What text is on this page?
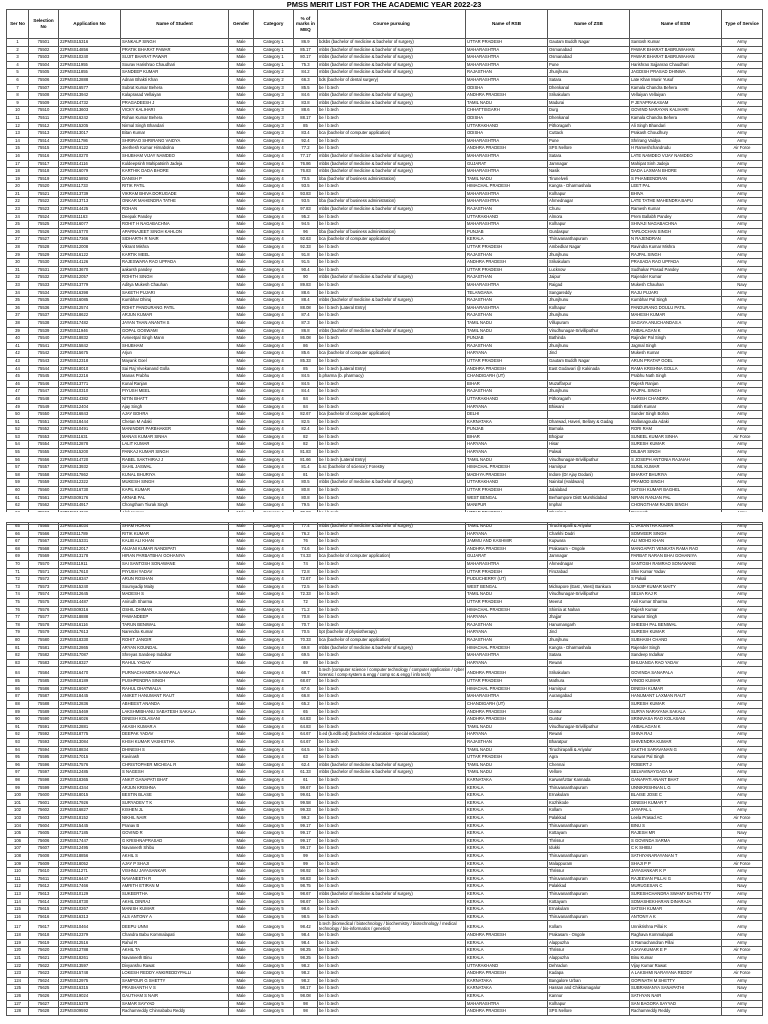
PMSS MERIT LIST FOR THE ACADEMIC YEAR 2022-23
Ser No	Selection No	Application No	Name of Student	Gender	Category	% of marks in MEQ	Course pursuing	Name of RSB	Name of ZSB	Name of ESM	Type of Service
1	75501	22PMSS15316	SANKALP SINGH	Male	Category 1	86.9	bdsbs (bachelor of medicine & bachelor of surgery)	UTTAR PRADESH	Gautam Buddh Nagar	Santosh Kumar	Army
2	75502	22PMSS14856	PRATIK BHARAT PAWAR	Male	Category 1	85.17	mbbs (bachelor of medicine & bachelor of surgery)	MAHARASHTRA	Osmanabad	PAWAR BHARAT BABRUWAHAN	Army
3	75503	22PMSS10240	SUJIT BHARAT PAWAR	Male	Category 1	80.17	mbbs (bachelor of medicine & bachelor of surgery)	MAHARASHTRA	Osmanabad	PAWAR BHARAT BABRUWAHAN	Army
4	75504	22PMSS11955	Sourav Harishrao Chaudhari	Male	Category 1	75.3	mbbs (bachelor of medicine & bachelor of surgery)	MAHARASHTRA	Pune	Harishrao Sajjanrao Chaudhari	Army
5	75505	22PMSS11855	SANDEEP KUMAR	Male	Category 2	84.2	mbbs (bachelor of medicine & bachelor of surgery)	RAJASTHAN	Jhunjhunu	JAGDISH PRASAD DHINWA	Army
6	75506	22PMSS12888	Adnan Bhakti Khan	Male	Category 2	66.3	bds (bachelor of dental surgery)	MAHARASHTRA	Satara	Late Khan Munir Yusuf	Army
7	75507	22PMSS16577	Subrat Kumar Behera	Male	Category 3	85.5	be / b.tech	ODISHA	Dhenkanal	Kamala Chandra Behera	Army
8	75508	22PMSS13942	Kalaprasad Vellaiyan	Male	Category 3	84.6	mbbs (bachelor of medicine & bachelor of surgery)	ANDHRA PRADESH	Srikakulam	Vellaiyan Vellaiyan	Army
9	75509	22PMSS14732	PRAGADEESH J	Male	Category 3	83.8	mbbs (bachelor of medicine & bachelor of surgery)	TAMIL NADU	Madurai	P JEYAPRAKASAM	Army
10	75510	22PMSS13603	VICKY KALIHARI	Male	Category 3	88.6	be / b.tech	CHHATTISGARH	Durg	GOVIND NARAYAN KALIHARI	Army
11	75511	22PMSS16242	Rohan Kumar Behera	Male	Category 3	88.17	be / b.tech	ODISHA	Dhenkanal	Kamala Chandra Behera	Army
12	75512	22PMSS15205	Nirmal Singh Bhandari	Male	Category 3	85	be / b.tech	UTTARAKHAND	Pithoragarh	Ali Singh Bhandari	Army
13	75513	22PMSS13017	Bitan Kumar	Male	Category 3	83.4	bca (bachelor of computer application)	ODISHA	Cuttack	Prakash Choudhury	Army
14	75514	22PMSS11786	SHRIRAO SHRIRANG VAIDYA	Male	Category 4	92.4	be / b.tech	MAHARASHTRA	Pune	Shrirang Vaidya	Army
15	75515	22PMSS16122	Jeethesh Kumar Hirnabolna	Male	Category 4	77.2	be / b.tech	ANDHRA PRADESH	SPS Nellore	H Rameshchandrudu	Air Force
16	75516	22PMSS10270	SHUBHAM VIJAY NAMDEO	Male	Category 4	77.17	mbbs (bachelor of medicine & bachelor of surgery)	MAHARASHTRA	Satara	LATE NAMDEO VIJAY NAMDEO	Army
17	75517	22PMSS14116	Kuldeepsinh Mahipatsinh Jadeja	Male	Category 4	76.86	mbbs (bachelor of medicine & bachelor of surgery)	GUJARAT	Jamnagar	Mahipat Sinh Jadeja	Army
18	75518	22PMSS16079	KARTHIK DADA BHORE	Male	Category 4	76.83	mbbs (bachelor of medicine & bachelor of surgery)	MAHARASHTRA	Nasik	DADA LAXMAN BHORE	Army
19	75519	22PMSS15892	DANISH P	Male	Category 4	70.5	bba (bachelor of business administration)	TAMIL NADU	Tirunelveli	S PHANEENDRAN	Army
20	75520	22PMSS11733	RITIK PATIL	Male	Category 4	93.5	be / b.tech	HIMACHAL PRADESH	Kangra - Dharmashala	LEET PAL	Army
21	75521	22PMSS13739	VIKRAM BHIVA DORUGADE	Male	Category 4	93.83	be / b.tech	MAHARASHTRA	Kolhapur	BHIVA	Army
22	75522	22PMSS13713	ONKAR MAHENDRA TATHE	Male	Category 4	93.5	bba (bachelor of business administration)	MAHARASHTRA	Ahmednagar	LATE TATHE MAHENDRA BAPU	Army
23	75523	22PMSS14425	ROHAN	Male	Category 4	97.83	mbbs (bachelor of medicine & bachelor of surgery)	RAJASTHAN	Churu	Ramesh Kumar	Army
24	75524	22PMSS11163	Deepak Pandey	Male	Category 4	95.2	be / b.tech	UTTARAKHAND	Almora	Prem Ballabh Pandey	Army
25	75525	22PMSS16077	ROHIT H NAGABACHNA	Male	Category 4	94.5	be / b.tech	MAHARASHTRA	Kolhapur	SHIVAJI NAGABACHNA	Army
26	75526	22PMSS15770	APARNAJEET SINGH KAHLON	Male	Category 4	96	bba (bachelor of business administration)	PUNJAB	Gurdaspur	TARLOCHAN SINGH	Army
27	75527	22PMSS17366	SIDHARTH R NAIR	Male	Category 4	92.63	bca (bachelor of computer application)	KERALA	Thiruvananthapuram	N RAJENDRAN	Army
28	75528	22PMSS12008	Vikrant Mishra	Male	Category 4	92.33	be / b.tech	UTTAR PRADESH	Ambedkar Nagar	Ravindra Kumar Mishra	Army
29	75529	22PMSS16122	KARTIK MEEL	Male	Category 4	91.8	be / b.tech	RAJASTHAN	Jhunjhunu	RAJPAL SINGH	Army
30	75530	22PMSS14126	RAJESWARA RAO UPPADA	Male	Category 4	91.5	be / b.tech	ANDHRA PRADESH	Srikakulam	PRASADA RAO UPPADA	Army
31	75531	22PMSS13670	aakarsh pandey	Male	Category 4	90.4	be / b.tech	UTTAR PRADESH	Lucknow	Sudhakar Prasad Pandey	Army
32	75532	22PMSS12057	ROHITH SINGH	Male	Category 4	90	mbbs (bachelor of medicine & bachelor of surgery)	RAJASTHAN	Jaipur	Rajender Kumar	Army
33	75533	22PMSS13779	Aditya Mukesh Chauhan	Male	Category 4	89.83	be / b.tech	MAHARASHTRA	Raigad	Mukesh Chauhan	Navy
34	75534	22PMSS16398	SAKETH PUJARI	Male	Category 4	88.6	be / b.tech	TELANGANA	Sangareddy	RAJU PUJARI	Army
35	75535	22PMSS16085	Kumbhar Dhiraj	Male	Category 4	88.4	mbbs (bachelor of medicine & bachelor of surgery)	RAJASTHAN	Jhunjhunu	Kumbhar Pal Singh	Army
36	75536	22PMSS12574	ROHIT PANDURANG PATIL	Male	Category 4	88.08	be / b.tech (Lateral Entry)	MAHARASHTRA	Kolhapur	PANDURANG DOULU PATIL	Army
37	75537	22PMSS18622	ARJUN KUMAR	Male	Category 4	87.4	be / b.tech	RAJASTHAN	Jhunjhunu	MAHESH KUMAR	Army
38	75538	22PMSS17482	JAYAN THAN ANANTH S	Male	Category 4	87.3	be / b.tech	TAMIL NADU	Villupuram	SAGAYA ANUCHANDAS A	Army
39	75539	22PMSS11946	GOPAL GOSWAMI	Male	Category 4	86.8	mbbs (bachelor of medicine & bachelor of surgery)	TAMIL NADU	Virudhunagar-Srivilliputhur	ANBALAGAN K	Army
40	75540	22PMSS18832	Avneetpal Singh Mann	Male	Category 4	86.08	be / b.tech	PUNJAB	Bathinda	Rajinder Pal Singh	Army
41	75541	22PMSS15842	SHUBHAM	Male	Category 4	86	be / b.tech	RAJASTHAN	Jhunjhunu	Jagmal Singh	Army
42	75542	22PMSS15675	Arjun	Male	Category 4	85.6	bca (bachelor of computer application)	HARYANA	Jind	Mukesh Kumar	Army
43	75543	22PMSS12318	Mayank Goel	Male	Category 4	85.33	be / b.tech	UTTAR PRADESH	Gautam Buddh Nagar	ARUN PRATAP GOEL	Army
44	75544	22PMSS18010	Sai Raj Vivekanand Golla	Male	Category 4	85	be / b.tech (Lateral Entry)	ANDHRA PRADESH	East Godavari @ Kakinada	RAMA KRISHNA GOLLA	Army
45	75545	22PMSS12216	Manas Prabhu	Male	Category 4	84.5	b.pharma (b. pharmacy)	CHANDIGARH (UT)		Prabhu Nath Singh	Army
46	75546	22PMSS13771	Kunal Ranjan	Male	Category 4	84.5	be / b.tech	BIHAR	Muzaffarpur	Rajesh Ranjan	Army
47	75547	22PMSS10310	PIYUSH MEEL	Male	Category 4	84.4	be / b.tech	RAJASTHAN	Jhunjhunu	RAJPAL SINGH	Army
48	75548	22PMSS14382	NITIN BHATT	Male	Category 4	84	be / b.tech	UTTARAKHAND	Pithoragarh	HARISH CHANDRA	Army
49	75549	22PMSS12404	Ajay Singh	Male	Category 4	84	be / b.tech	HARYANA	Bhiwani	Satish Kumar	Army
50	75550	22PMSS16843	AJAY BOHRA	Male	Category 4	82.67	bca (bachelor of computer application)	DELHI		Sunder Singh Bohra	Army
51	75551	22PMSS18444	Chetan M Adaki	Male	Category 4	82.5	be / b.tech	KARNATAKA	Dharwad, Haveri, Bellary & Gadag	Mallanagouda Adaki	Army
52	75552	22PMSS10491	MANINDER PARBHAKER	Male	Category 4	82.4	be / b.tech	PUNJAB	Barnala	RORI RAM	Army
53	75553	22PMSS11631	MANAS KUMAR SINHA	Male	Category 4	82	be / b.tech	BIHAR	Bhojpur	SUNEEL KUMAR SINHA	Air Force
54	75554	22PMSS12878	LALIT KUMAR	Male	Category 4	82	be / b.tech	HARYANA	Hisar	SURESH KUMAR	Army
55	75555	22PMSS15200	PANKAJ KUMAR SINGH	Male	Category 4	81.83	be / b.tech	HARYANA	Palwal	DILBAR SINGH	Army
56	75556	22PMSS14720	RABEL SAKTHIRAJ J	Male	Category 4	81.66	be / b.tech (Lateral Entry)	TAMIL NADU	Virudhunagar-Srivilliputhur	S JOSEPH ANTONIA RAJAIAH	Army
57	75557	22PMSS13932	SAHIL JASWAL	Male	Category 4	81.4	b.sc (bachelor of science): Forestry	HIMACHAL PRADESH	Hamirpur	SUNIL KUMAR	Army
58	75558	22PMSS17862	KUNAL BHURIYA	Male	Category 4	81	be / b.tech	MADHYA PRADESH	Indore (Dr Ajay Dodani)	BHARAT BHURIYA	Army
59	75559	22PMSS12322	MUKESH SINGH	Male	Category 4	80.5	mbbs (bachelor of medicine & bachelor of surgery)	UTTARAKHAND	Nainital (Haldwani)	PRAMOD SINGH	Army
60	75560	22PMSS16730	KAPIL KUMAR	Male	Category 4	80.8	be / b.tech	UTTAR PRADESH	Jalalabad	SATISH KUMAR BAGHEL	Army
61	75561	22PMSS09176	ARNAB PAL	Male	Category 4	80.8	be / b.tech	WEST BENGAL	Berhampore Distt Murshidabad	NIRAN RANJAN PAL	Army
62	75562	22PMSS14917	Chongtham Tiurak Singh	Male	Category 4	79.5	be / b.tech	MANIPUR	Imphal	CHONGTHAM RAJEN SINGH	Army

65	75565	22PMSS18034	SHAM HORAN	Male	Category 4	77.4	mbbs (bachelor of medicine & bachelor of surgery)	TAMIL NADU	Tiruchirapalli & Ariyalur	C VASANTHA KUMAR	Army
66	75566	22PMSS11789	RITIK KUMAR	Male	Category 4	76.2	be / b.tech	HARYANA	Charkhi Dadri	SOMVEER SINGH	Army
67	75567	22PMSS15331	KALIB ALI KHAN	Male	Category 4	76	be / b.tech	JAMMU AND KASHMIR	Kupwara	ALI MOHD KHAN	Army
68	75568	22PMSS12017	ANJANI KUMAR NANDIPATI	Male	Category 4	74.6	be / b.tech	ANDHRA PRADESH	Prakasam - Ongole	MANGAPATI VENKATA RAMA RAO	Army
69	75569	22PMSS13178	HIRAN PARBATBHAI GOHANIYA	Male	Category 4	74.33	bca (bachelor of computer application)	GUJARAT	Jamnagar	PARBAT NARAN BHAI GOHANIYA	Army
70	75570	22PMSS11911	SAI SANTOSH SONAWANE	Male	Category 4	74	be / b.tech	MAHARASHTRA	Ahmednagar	SANTOSH RAMRAO SONAWANE	Army
71	75571	22PMSS17610	PIYUSH YADAV	Male	Category 4	72.8	be / b.tech	UTTAR PRADESH	Firozabad	Shiv Kumar Yadav	Army
72	75572	22PMSS18347	ARUN ROSHAN	Male	Category 4	72.67	be / b.tech	PUDUCHERRY (UT)		S Pakali	Army
73	75573	22PMSS15240	Soumyadip Maity	Male	Category 4	72.5	be / b.tech	WEST BENGAL	Midnapore (East , West) Bankura	SANJIP KUMAR MAITY	Army
74	75574	22PMSS12645	MADESH S	Male	Category 4	72.33	be / b.tech	TAMIL NADU	Virudhunagar-Srivilliputhur	SELVA RAJ R	Army
75	75575	22PMSS14487	Anirudh Sharma	Male	Category 4	72	be / b.tech	UTTAR PRADESH	Meerut	Anil Kumar Sharma	Army
76	75576	22PMSS09316	OSHIL DHIMAN	Male	Category 4	71.2	be / b.tech	HIMACHAL PRADESH	Shimla at Nahan	Rajesh Kumar	Army
77	75577	22PMSS18888	PAWANDEEP	Male	Category 4	70.8	be / b.tech	HARYANA	Jhajjar	Kanwar Singh	Army
78	75578	22PMSS16116	TARUN BENIWAL	Male	Category 4	70.7	be / b.tech	RAJASTHAN	Hanumangarh	SHEESH PAL BENIWAL	Army
79	75579	22PMSS17613	Narendra Kumar	Male	Category 4	70.5	bpt (bachelor of physiotherapy)	HARYANA	Jind	SURESH KUMAR	Army
80	75580	22PMSS18330	ROHIT JANGIR	Male	Category 4	70.33	bca (bachelor of computer application)	RAJASTHAN	Jhunjhunu	SUBHASH CHAND	Army
81	75581	22PMSS12865	ARYAN KOUNDAL	Male	Category 4	69.8	mbbs (bachelor of medicine & bachelor of surgery)	HIMACHAL PRADESH	Kangra - Dharmashala	Rajender Singh	Army
82	75582	22PMSS17087	Shreyas Sandeep Indalkar	Male	Category 4	69.5	be / b.tech	MAHARASHTRA	Satara	Sandeep Indalkar	Army
83	75583	22PMSS18327	RAHUL YADAV	Male	Category 4	69	be / b.tech	HARYANA	Rewari	BHUJANGA RAO YADAV	Army
84	75584	22PMSS16470	PURNACHANDRA SANAPALA	Male	Category 4	68.7	b.tech (computer science / computer technology / computer application / cyber forensic / comp system & engg / comp sc & engg / info tech)	ANDHRA PRADESH	Srikakulam	GOVINDA SANAPALA	Army
85	75585	22PMSS18189	PUSHPENDRA SINGH	Male	Category 4	68.67	be / b.tech	UTTAR PRADESH	Mathura	VINOD KUMAR	Army
86	75586	22PMSS16087	RAHUL DHATWALIA	Male	Category 4	67.6	be / b.tech	HIMACHAL PRADESH	Hamirpur	DINESH KUMAR	Army
87	75587	22PMSS18445	ANIKET HANUMANT RAUT	Male	Category 4	66.8	be / b.tech	MAHARASHTRA	Aurangabad	HANUMANT LAXMAN RAUT	Army
88	75588	22PMSS12836	ABHEEST ANANDA	Male	Category 4	65.2	be / b.tech	CHANDIGARH (UT)		SURESH KUMAR	Army
89	75589	22PMSS15469	LAKSHMIBHANU SABATESH SAKALA	Male	Category 4	65	be / b.tech	ANDHRA PRADESH	Guntur	SURYA NARAYANA SAKALA	Army
90	75590	22PMSS16026	DINESH KOLASANI	Male	Category 4	64.83	be / b.tech	ANDHRA PRADESH	Guntur	SRINIVASA RAO KOLASANI	Army
91	75591	22PMSS12881	AKASH KUMAR A	Male	Category 4	64.83	be / b.tech	TAMIL NADU	Virudhunagar-Srivilliputhur	ANBALAGAN K	Army
92	75592	22PMSS18775	DEEPAK YADAV	Male	Category 4	64.67	b.ed (b.ed/b.ed) (bachelor of education - special education)	HARYANA	Rewari	SHIVA RAJ	Army
93	75593	22PMSS13084	KHSH KUMAR VASHISTHA	Male	Category 4	64.67	be / b.tech	RAJASTHAN	Bharatpur	SHIVENDRA KUMAR	Army
94	75594	22PMSS18834	DHINESH S	Male	Category 4	64.5	be / b.tech	TAMIL NADU	Tiruchirapalli & Ariyalur	SAKTHI SARAVANAN G	Army
95	75595	22PMSS17015	Kavinash	Male	Category 4	63	be / b.tech	UTTAR PRADESH	Agra	Kunwar Pal Singh	Army
96	75596	22PMSS17576	CHRISTOPHER MICHEAL R	Male	Category 4	62.4	mbbs (bachelor of medicine & bachelor of surgery)	TAMIL NADU	Chennai	ROBERT J	Army
97	75597	22PMSS12485	S NAGESH	Male	Category 4	61.33	mbbs (bachelor of medicine & bachelor of surgery)	TAMIL NADU	Vellore	SELVAVINAYGAGA M	Army
98	75598	22PMSS18365	ANKIT GANAPATI BHAT	Male	Category 4	61	be / b.tech	KARNATAKA	Karwar/Uttar Kannada	GANAPATI ANANT BHAT	Army
99	75599	22PMSS14344	ARJUN KRISHNA	Male	Category 5	99.67	be / b.tech	KERALA	Thiruvananthapuram	UNNIKRISHNAN L G	Army
100	75600	22PMSS18015	BESTIN BLASE	Male	Category 5	99.61	be / b.tech	KERALA	Ernakulam	BLAISE JOSE C	Army
101	75601	22PMSS17926	SURYADEV T K	Male	Category 5	99.58	be / b.tech	KERALA	Kozhikode	DINESH KUMAR T	Army
102	75602	22PMSS16827	KISHEN JL	Male	Category 5	99.33	be / b.tech	KERALA	Kollam	JAYAPAL L	Army
103	75603	22PMSS18152	NIKHIL NAIR	Male	Category 5	99.2	be / b.tech	KERALA	Palakkad	Leela Prasad AC	Air Force
104	75604	22PMSS15445	Pranav B	Male	Category 5	99.17	be / b.tech	KERALA	Thiruvananthapuram	BINU S	Army
105	75605	22PMSS17185	GOVIND R	Male	Category 5	99.17	be / b.tech	KERALA	Kottayam	RAJESH MR	Navy
106	75606	22PMSS17447	G KRISHNAPRASAD	Male	Category 5	99.17	be / b.tech	KERALA	Thrissur	S GOVINDA SARMA	Army
107	75607	22PMSS12495	Navaneeth Shibu	Male	Category 5	99.17	be / b.tech	KERALA	Idukki	C K SHIBU	Army
108	75608	22PMSS18856	AKHIL S	Male	Category 5	99	be / b.tech	KERALA	Thiruvananthapuram	SATHIYANARAYANAN T	Army
109	75609	22PMSS18052	AJAY P SHAJI	Male	Category 5	99	be / b.tech	KERALA	Malappuram	SHAJI P P	Air Force
110	75610	22PMSS11271	VISHNU JAYASANKAR	Male	Category 5	98.92	be / b.tech	KERALA	Thrissur	JAYASANKAR K P	Army
111	75611	22PMSS16447	NAVANEETH R	Male	Category 5	98.83	be / b.tech	KERALA	Thiruvananthapuram	RAJEEVAN PILLAI G	Army
112	75612	22PMSS17466	AMRITH ETIRAN M	Male	Category 5	98.75	be / b.tech	KERALA	Palakkad	MURUGESAN C	Navy
113	75613	22PMSS10129	SUKEERTHA	Male	Category 5	98.67	mbbs (bachelor of medicine & bachelor of surgery)	KERALA	Thiruvananthapuram	SURESHCHANDRA SWAMY BAITHU TTY	Army
114	75614	22PMSS18730	AKHIL DINRAJ	Male	Category 5	98.67	be / b.tech	KERALA	Kottayam	SOMASHEKHARAN DINARAJA	Army
115	75615	22PMSS10267	MANISH KUMAR	Male	Category 5	98.6	be / b.tech	KERALA	Ernakulam	SATISH KUMAR	Army
116	75616	22PMSS16313	ALS ANTONY A	Male	Category 5	98.5	be / b.tech	KERALA	Thiruvananthapuram	ANTONY A K	Army
117	75617	22PMSS10464	DEEPU UNNI	Male	Category 5	98.42	b.tech (biomedical / biotechnology / biochemistry / biotechnology / medical technology / bio-informatics / genetics)	KERALA	Kollam	Unnikrishna Pillai K	Army
118	75618	22PMSS12379	Chandra Babu Kommalapati	Male	Category 5	98.4	be / b.tech	ANDHRA PRADESH	Prakasam - Ongole	Raghava Kommalapati	Army
119	75619	22PMSS12516	Rahul R	Male	Category 5	98.4	be / b.tech	KERALA	Alappuzha	S Ramachandran Pillai	Army
120	75620	22PMSS12788	AKHIL TA	Male	Category 5	98.25	be / b.tech	KERALA	Thrissur	AJAYAKUMAR E P	Air Force
121	75621	22PMSS18261	Navaneeth Binu	Male	Category 5	98.25	be / b.tech	KERALA	Alappuzha	Binu Kumar	Army
122	75622	22PMSS13597	Divyanshu Rawat	Male	Category 5	98.2	be / b.tech	UTTARAKHAND	Dehradun	Vijay Kumar Rawat	Army
123	75623	22PMSS15748	LOKESH REDDY ANKIREDDYPALLI	Male	Category 5	98.2	be / b.tech	ANDHRA PRADESH	Kadapa	A LAKSHMI NARAYANA REDDY	Air Force
124	75624	22PMSS12975	SAMPOUR G SHETTY	Male	Category 5	98.2	be / b.tech	KARNATAKA	Bangalore Urban	GOPINATH M SHETTY	Army
125	75625	22PMSS16315	PRASHANTH V S	Male	Category 5	98.17	be / b.tech	KARNATAKA	Hassan and Chikkamagalur	SUBRAMANYA SANAPATHI	Navy
126	75626	22PMSS19024	GAUTHAM S NAIR	Male	Category 5	98.08	be / b.tech	KERALA	Kannur	SATHYAN NAIR	Army
127	75627	22PMSS15378	SAMAR SAYYAD	Male	Category 5	98	be / b.tech	MAHARASHTRA	Kolhapur	SAN BAGORA SAYYAD	Army
128	75628	22PMSS09592	Rachamreddy Chinnababu Reddy	Male	Category 5	98	be / b.tech	ANDHRA PRADESH	SPS Nellore	Rachamreddy Reddy	Army
